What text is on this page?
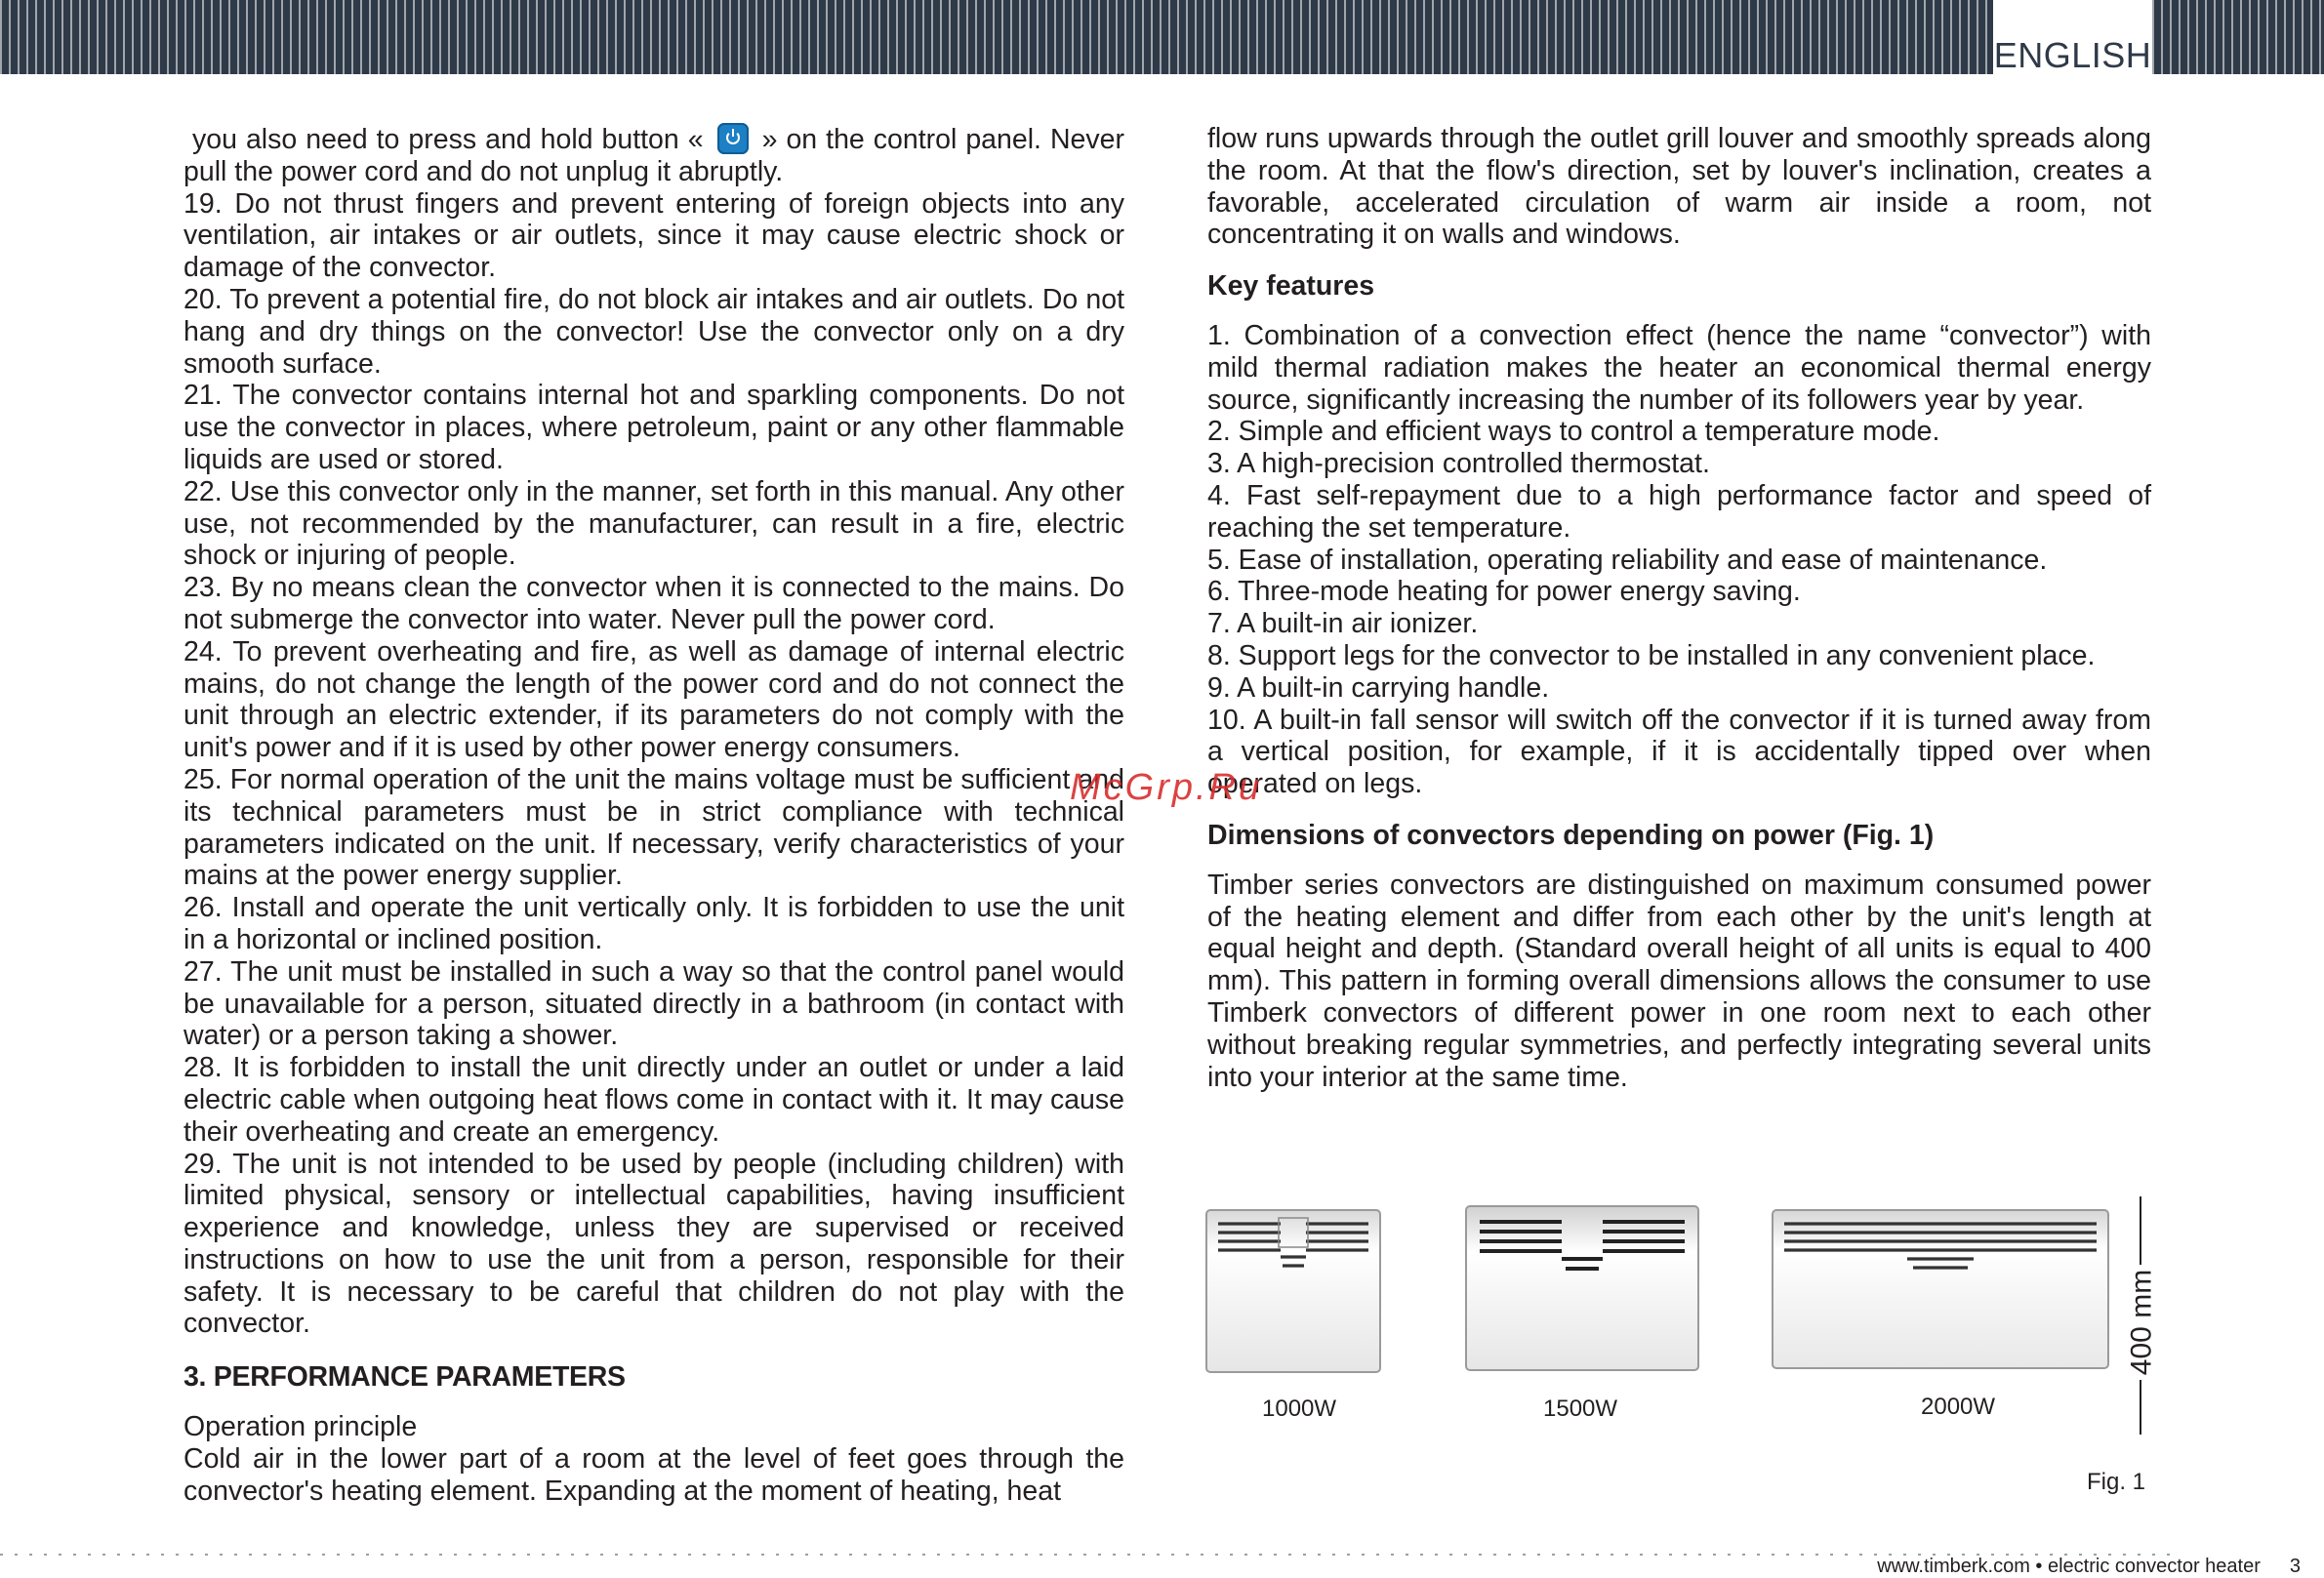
ENGLISH

you also need to press and hold button « » on the control panel. Never pull the power cord and do not unplug it abruptly.

19. Do not thrust fingers and prevent entering of foreign objects into any ventilation, air intakes or air outlets, since it may cause electric shock or damage of the convector.

20. To prevent a potential fire, do not block air intakes and air outlets. Do not hang and dry things on the convector! Use the convector only on a dry smooth surface.

21. The convector contains internal hot and sparkling components. Do not use the convector in places, where petroleum, paint or any other flammable liquids are used or stored.

22. Use this convector only in the manner, set forth in this manual. Any other use, not recommended by the manufacturer, can result in a fire, electric shock or injuring of people.

23. By no means clean the convector when it is connected to the mains. Do not submerge the convector into water. Never pull the power cord.

24. To prevent overheating and fire, as well as damage of internal electric mains, do not change the length of the power cord and do not connect the unit through an electric extender, if its parameters do not comply with the unit's power and if it is used by other power energy consumers.

25. For normal operation of the unit the mains voltage must be sufficient and its technical parameters must be in strict compliance with technical parameters indicated on the unit. If necessary, verify characteristics of your mains at the power energy supplier.

26. Install and operate the unit vertically only. It is forbidden to use the unit in a horizontal or inclined position.

27. The unit must be installed in such a way so that the control panel would be unavailable for a person, situated directly in a bathroom (in contact with water) or a person taking a shower.

28. It is forbidden to install the unit directly under an outlet or under a laid electric cable when outgoing heat flows come in contact with it. It may cause their overheating and create an emergency.

29. The unit is not intended to be used by people (including children) with limited physical, sensory or intellectual capabilities, having insufficient experience and knowledge, unless they are supervised or received instructions on how to use the unit from a person, responsible for their safety. It is necessary to be careful that children do not play with the convector.

3. PERFORMANCE PARAMETERS

Operation principle

Cold air in the lower part of a room at the level of feet goes through the convector's heating element. Expanding at the moment of heating, heat

flow runs upwards through the outlet grill louver and smoothly spreads along the room. At that the flow's direction, set by louver's inclination, creates a favorable, accelerated circulation of warm air inside a room, not concentrating it on walls and windows.

Key features

1. Combination of a convection effect (hence the name “convector”) with mild thermal radiation makes the heater an economical thermal energy source, significantly increasing the number of its followers year by year.

2. Simple and efficient ways to control a temperature mode.

3. A high-precision controlled thermostat.

4. Fast self-repayment due to a high performance factor and speed of reaching the set temperature.

5. Ease of installation, operating reliability and ease of maintenance.

6. Three-mode heating for power energy saving.

7. A built-in air ionizer.

8. Support legs for the convector to be installed in any convenient place.

9. A built-in carrying handle.

10. A built-in fall sensor will switch off the convector if it is turned away from a vertical position, for example, if it is accidentally tipped over when operated on legs.

Dimensions of convectors depending on power (Fig. 1)

Timber series convectors are distinguished on maximum consumed power of the heating element and differ from each other by the unit's length at equal height and depth. (Standard overall height of all units is equal to 400 mm). This pattern in forming overall dimensions allows the consumer to use Timberk convectors of different power in one room next to each other without breaking regular symmetries, and perfectly integrating several units into your interior at the same time.

McGrp.Ru
1000W	1500W	2000W
400 mm
Fig. 1
www.timberk.com • electric convector heater 3
